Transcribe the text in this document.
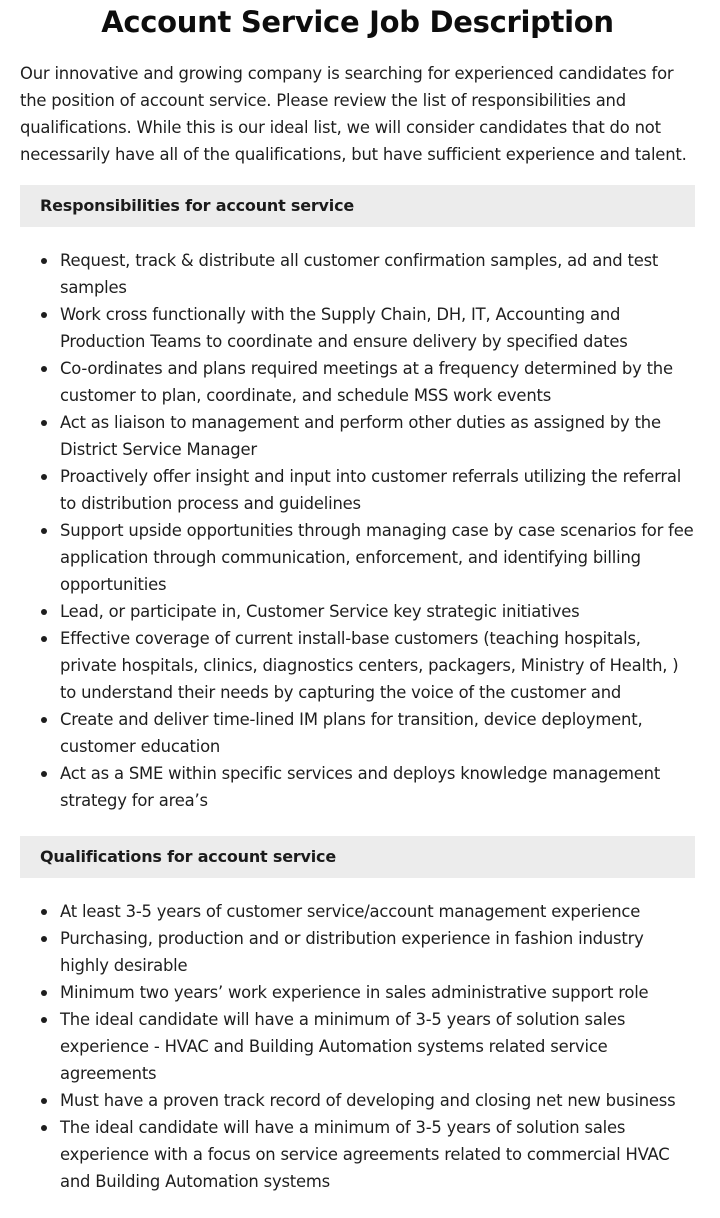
Account Service Job Description

Our innovative and growing company is searching for experienced candidates for the position of account service. Please review the list of responsibilities and qualifications. While this is our ideal list, we will consider candidates that do not necessarily have all of the qualifications, but have sufficient experience and talent.

Responsibilities for account service
Request, track & distribute all customer confirmation samples, ad and test samples
Work cross functionally with the Supply Chain, DH, IT, Accounting and Production Teams to coordinate and ensure delivery by specified dates
Co-ordinates and plans required meetings at a frequency determined by the customer to plan, coordinate, and schedule MSS work events
Act as liaison to management and perform other duties as assigned by the District Service Manager
Proactively offer insight and input into customer referrals utilizing the referral to distribution process and guidelines
Support upside opportunities through managing case by case scenarios for fee application through communication, enforcement, and identifying billing opportunities
Lead, or participate in, Customer Service key strategic initiatives
Effective coverage of current install-base customers (teaching hospitals, private hospitals, clinics, diagnostics centers, packagers, Ministry of Health, ) to understand their needs by capturing the voice of the customer and
Create and deliver time-lined IM plans for transition, device deployment, customer education
Act as a SME within specific services and deploys knowledge management strategy for area’s
Qualifications for account service
At least 3-5 years of customer service/account management experience
Purchasing, production and or distribution experience in fashion industry highly desirable
Minimum two years’ work experience in sales administrative support role
The ideal candidate will have a minimum of 3-5 years of solution sales experience - HVAC and Building Automation systems related service agreements
Must have a proven track record of developing and closing net new business
The ideal candidate will have a minimum of 3-5 years of solution sales experience with a focus on service agreements related to commercial HVAC and Building Automation systems
